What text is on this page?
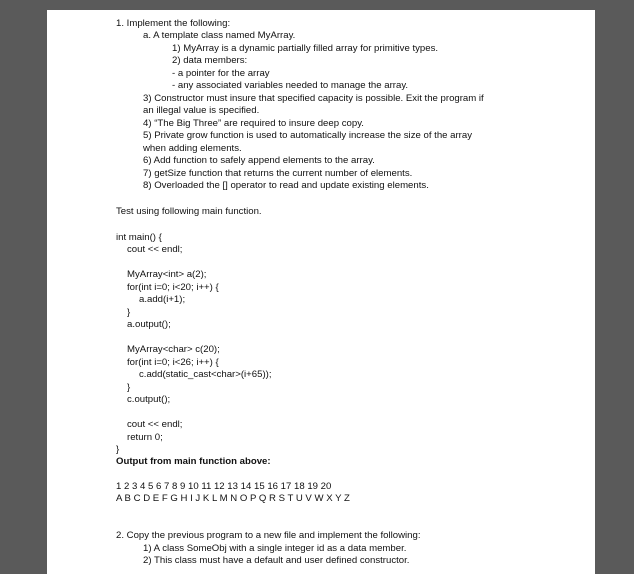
1. Implement the following:
a. A template class named MyArray.
1) MyArray is a dynamic partially filled array for primitive types.
2) data members:
- a pointer for the array
- any associated variables needed to manage the array.
3) Constructor must insure that specified capacity is possible. Exit the program if
an illegal value is specified.
4) “The Big Three” are required to insure deep copy.
5) Private grow function is used to automatically increase the size of the array
when adding elements.
6) Add function to safely append elements to the array.
7) getSize function that returns the current number of elements.
8) Overloaded the [] operator to read and update existing elements.
Test using following main function.
int main() {
cout << endl;
MyArray<int> a(2);
for(int i=0; i<20; i++) {
a.add(i+1);
}
a.output();
MyArray<char> c(20);
for(int i=0; i<26; i++) {
c.add(static_cast<char>(i+65));
}
c.output();
cout << endl;
return 0;
}
Output from main function above:
1 2 3 4 5 6 7 8 9 10 11 12 13 14 15 16 17 18 19 20
A B C D E F G H I J K L M N O P Q R S T U V W X Y Z
2. Copy the previous program to a new file and implement the following:
1) A class SomeObj with a single integer id as a data member.
2) This class must have a default and user defined constructor.
